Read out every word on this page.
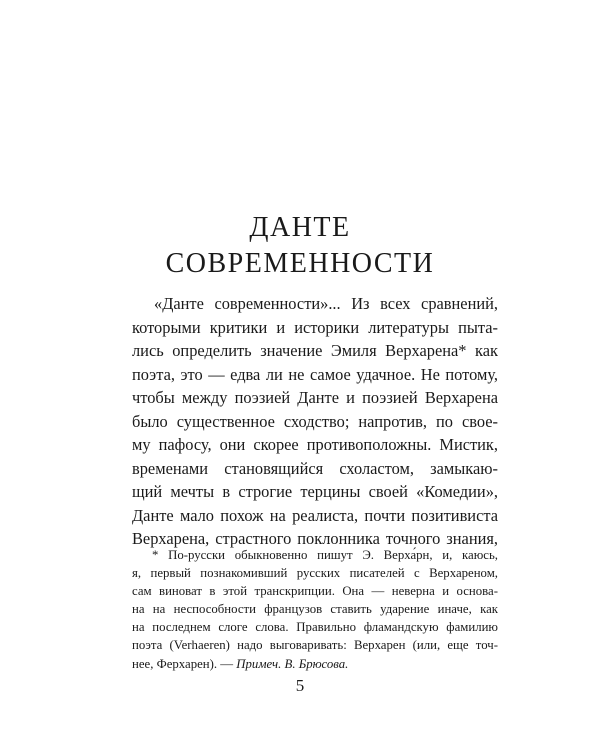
ДАНТЕ
СОВРЕМЕННОСТИ
«Данте современности»... Из всех сравнений,
которыми критики и историки литературы пыта-
лись определить значение Эмиля Верхарена* как
поэта, это — едва ли не самое удачное. Не потому,
чтобы между поэзией Данте и поэзией Верхарена
было существенное сходство; напротив, по свое-
му пафосу, они скорее противоположны. Мистик,
временами становящийся схоластом, замыкаю-
щий мечты в строгие терцины своей «Комедии»,
Данте мало похож на реалиста, почти позитивиста
Верхарена, страстного поклонника точного знания,
* По-русски обыкновенно пишут Э. Верха́рн, и, каюсь,
я, первый познакомивший русских писателей с Верхареном,
сам виноват в этой транскрипции. Она — неверна и основа-
на на неспособности французов ставить ударение иначе, как
на последнем слоге слова. Правильно фламандскую фамилию
поэта (Verhaeren) надо выговаривать: Верхарен (или, еще точ-
нее, Ферхарен). — Примеч. В. Брюсова.
5
